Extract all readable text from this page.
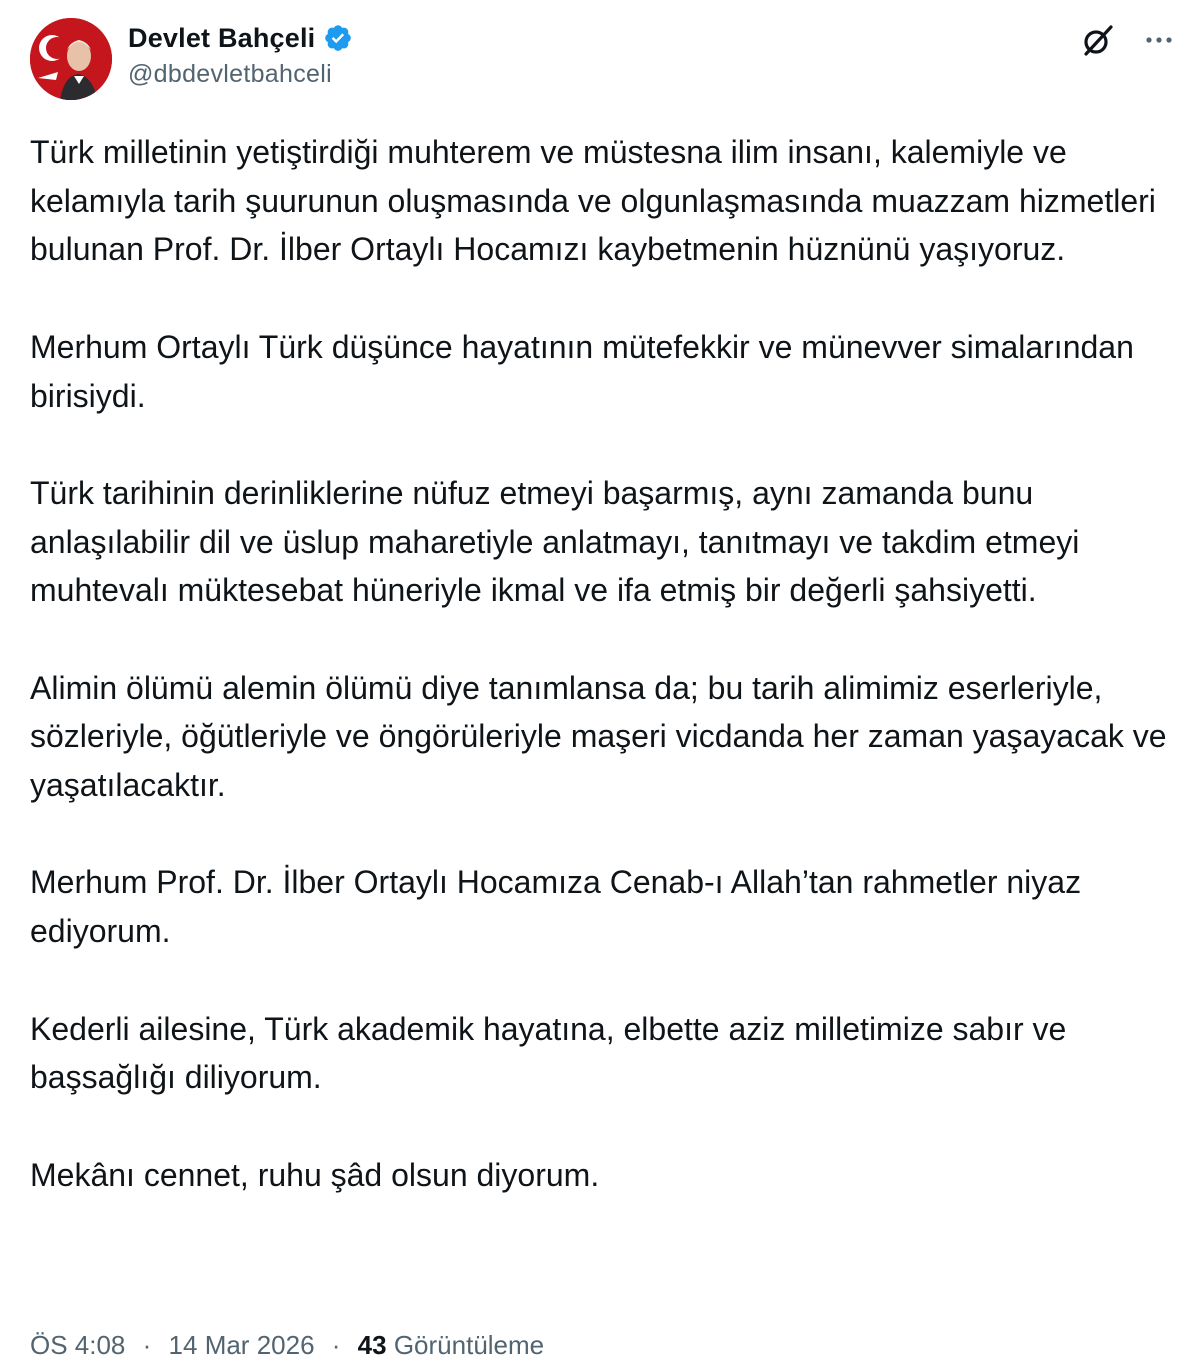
Devlet Bahçeli
@dbdevletbahceli

Türk milletinin yetiştirdiği muhterem ve müstesna ilim insanı, kalemiyle ve kelamıyla tarih şuurunun oluşmasında ve olgunlaşmasında muazzam hizmetleri bulunan Prof. Dr. İlber Ortaylı Hocamızı kaybetmenin hüznünü yaşıyoruz.

Merhum Ortaylı Türk düşünce hayatının mütefekkir ve münevver simalarından birisiydi.

Türk tarihinin derinliklerine nüfuz etmeyi başarmış, aynı zamanda bunu anlaşılabilir dil ve üslup maharetiyle anlatmayı, tanıtmayı ve takdim etmeyi muhtevalı müktesebat hüneriyle ikmal ve ifa etmiş bir değerli şahsiyetti.

Alimin ölümü alemin ölümü diye tanımlansa da; bu tarih alimimiz eserleriyle, sözleriyle, öğütleriyle ve öngörüleriyle maşeri vicdanda her zaman yaşayacak ve yaşatılacaktır.

Merhum Prof. Dr. İlber Ortaylı Hocamıza Cenab-ı Allah’tan rahmetler niyaz ediyorum.

Kederli ailesine, Türk akademik hayatına, elbette aziz milletimize sabır ve başsağlığı diliyorum.

Mekânı cennet, ruhu şâd olsun diyorum.

ÖS 4:08 · 14 Mar 2026 · 43 Görüntüleme
